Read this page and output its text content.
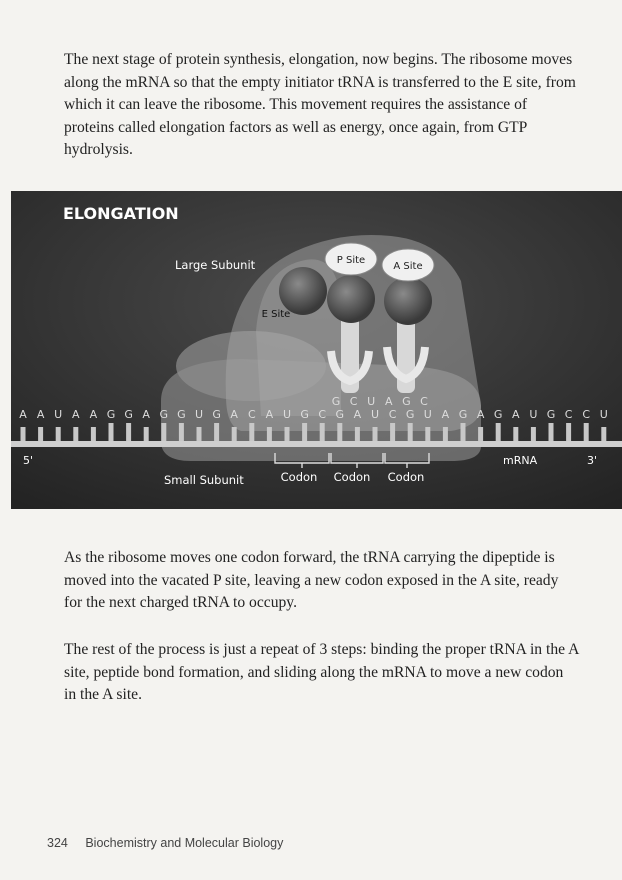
The next stage of protein synthesis, elongation, now begins. The ribosome moves along the mRNA so that the empty initiator tRNA is transferred to the E site, from which it can leave the ribosome. This movement requires the assistance of proteins called elongation factors as well as energy, once again, from GTP hydrolysis.

P Site
A Site
E Site
ELONGATION
Large Subunit
G C U A G C
A A U A A G G A G G U G A C A U G C G A U C G U A G A G A U G C C U
5'	mRNA	3'
Codon Codon Codon
Small Subunit

As the ribosome moves one codon forward, the tRNA carrying the dipeptide is moved into the vacated P site, leaving a new codon exposed in the A site, ready for the next charged tRNA to occupy.

The rest of the process is just a repeat of 3 steps: binding the proper tRNA in the A site, peptide bond formation, and sliding along the mRNA to move a new codon in the A site.

324 Biochemistry and Molecular Biology
